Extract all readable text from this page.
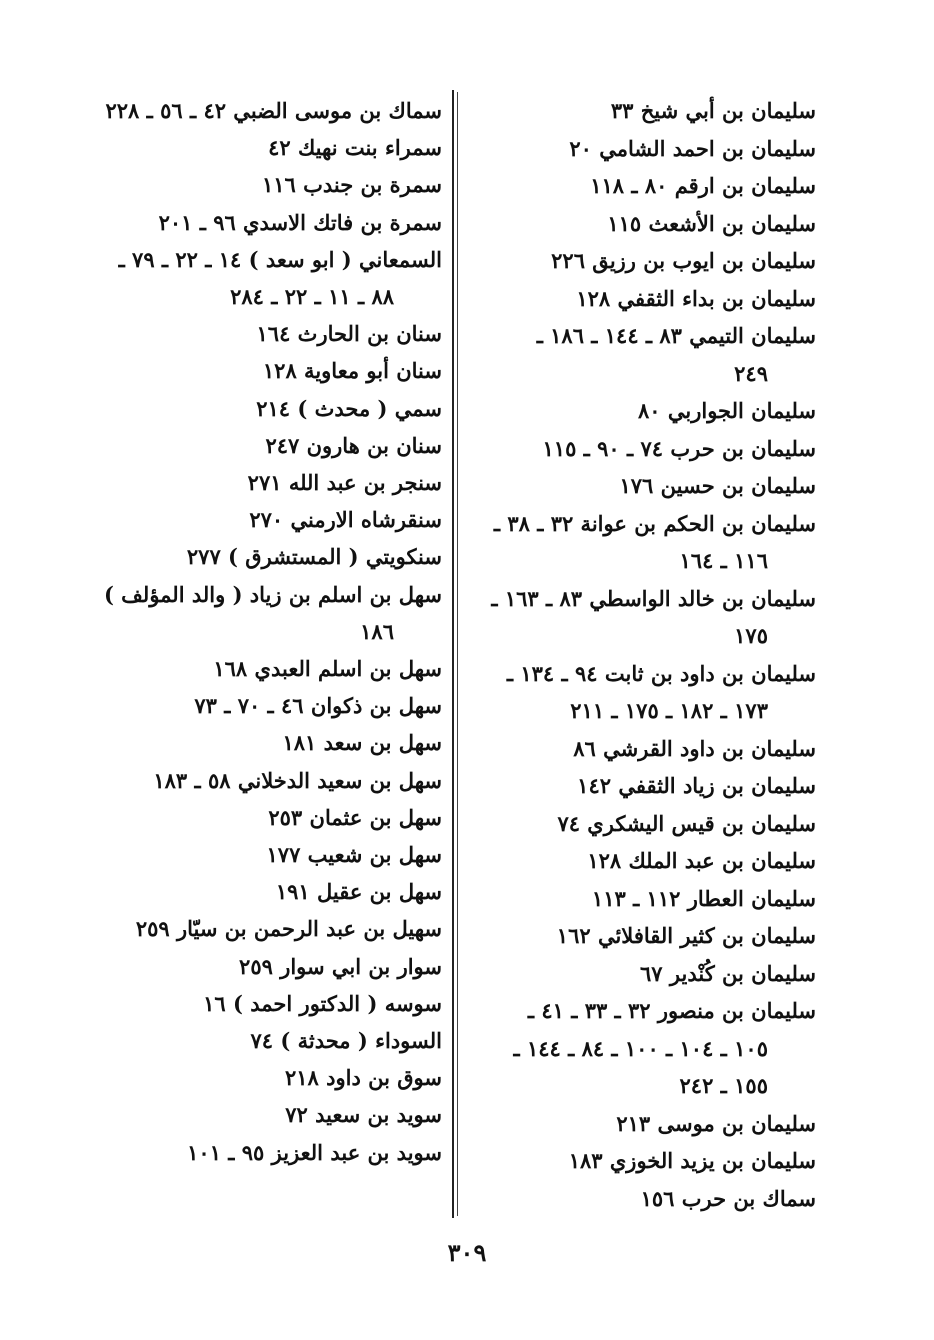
سليمان بن أبي شيخ ٣٣
سليمان بن احمد الشامي ٢٠
سليمان بن ارقم ٨٠ ـ ١١٨
سليمان بن الأشعث ١١٥
سليمان بن ايوب بن رزيق ٢٢٦
سليمان بن بداء الثقفي ١٢٨
سليمان التيمي ٨٣ ـ ١٤٤ ـ ١٨٦ ـ
٢٤٩
سليمان الجواربي ٨٠
سليمان بن حرب ٧٤ ـ ٩٠ ـ ١١٥
سليمان بن حسين ١٧٦
سليمان بن الحكم بن عوانة ٣٢ ـ ٣٨ ـ
١١٦ ـ ١٦٤
سليمان بن خالد الواسطي ٨٣ ـ ١٦٣ ـ
١٧٥
سليمان بن داود بن ثابت ٩٤ ـ ١٣٤ ـ
١٧٣ ـ ١٨٢ ـ ١٧٥ ـ ٢١١
سليمان بن داود القرشي ٨٦
سليمان بن زياد الثقفي ١٤٢
سليمان بن قيس اليشكري ٧٤
سليمان بن عبد الملك ١٢٨
سليمان العطار ١١٢ ـ ١١٣
سليمان بن كثير القافلائي ١٦٢
سليمان بن كُنْدير ٦٧
سليمان بن منصور ٣٢ ـ ٣٣ ـ ٤١ ـ
١٠٥ ـ ١٠٤ ـ ١٠٠ ـ ٨٤ ـ ١٤٤ ـ
١٥٥ ـ ٢٤٢
سليمان بن موسى ٢١٣
سليمان بن يزيد الخوزي ١٨٣
سماك بن حرب ١٥٦
سماك بن موسى الضبي ٤٢ ـ ٥٦ ـ ٢٢٨
سمراء بنت نهيك ٤٢
سمرة بن جندب ١١٦
سمرة بن فاتك الاسدي ٩٦ ـ ٢٠١
السمعاني ( ابو سعد ) ١٤ ـ ٢٢ ـ ٧٩ ـ
٨٨ ـ ١١ ـ ٢٢ ـ ٢٨٤
سنان بن الحارث ١٦٤
سنان أبو معاوية ١٢٨
سمي ( محدث ) ٢١٤
سنان بن هارون ٢٤٧
سنجر بن عبد الله ٢٧١
سنقرشاه الارمني ٢٧٠
سنكويتي ( المستشرق ) ٢٧٧
سهل بن اسلم بن زياد ( والد المؤلف )
١٨٦
سهل بن اسلم العبدي ١٦٨
سهل بن ذكوان ٤٦ ـ ٧٠ ـ ٧٣
سهل بن سعد ١٨١
سهل بن سعيد الدخلاني ٥٨ ـ ١٨٣
سهل بن عثمان ٢٥٣
سهل بن شعيب ١٧٧
سهل بن عقيل ١٩١
سهيل بن عبد الرحمن بن سيّار ٢٥٩
سوار بن ابي سوار ٢٥٩
سوسه ( الدكتور احمد ) ١٦
السوداء ( محدثة ) ٧٤
سوق بن داود ٢١٨
سويد بن سعيد ٧٢
سويد بن عبد العزيز ٩٥ ـ ١٠١
٣٠٩
